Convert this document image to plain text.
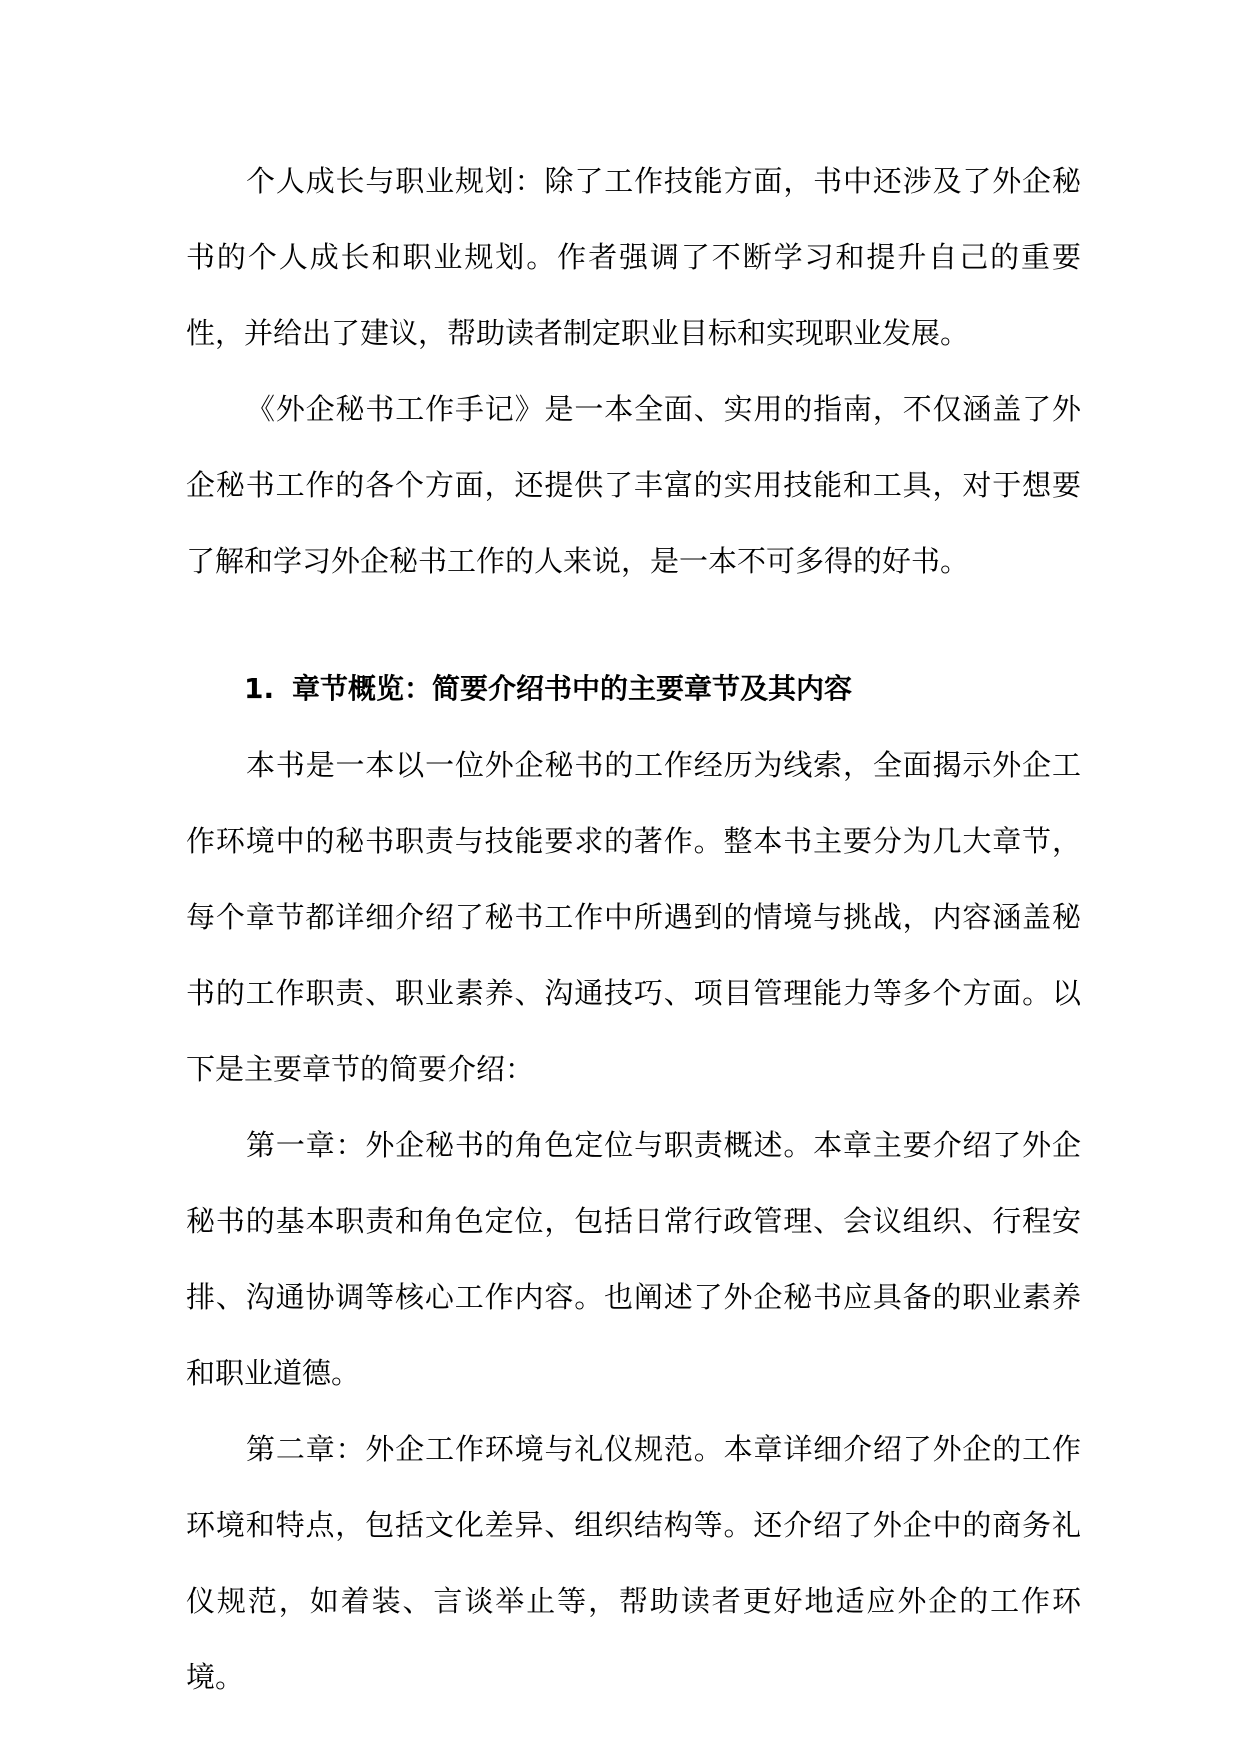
个人成长与职业规划：除了工作技能方面，书中还涉及了外企秘书的个人成长和职业规划。作者强调了不断学习和提升自己的重要性，并给出了建议，帮助读者制定职业目标和实现职业发展。

《外企秘书工作手记》是一本全面、实用的指南，不仅涵盖了外企秘书工作的各个方面，还提供了丰富的实用技能和工具，对于想要了解和学习外企秘书工作的人来说，是一本不可多得的好书。

1. 章节概览：简要介绍书中的主要章节及其内容

本书是一本以一位外企秘书的工作经历为线索，全面揭示外企工作环境中的秘书职责与技能要求的著作。整本书主要分为几大章节，每个章节都详细介绍了秘书工作中所遇到的情境与挑战，内容涵盖秘书的工作职责、职业素养、沟通技巧、项目管理能力等多个方面。以下是主要章节的简要介绍：

第一章：外企秘书的角色定位与职责概述。本章主要介绍了外企秘书的基本职责和角色定位，包括日常行政管理、会议组织、行程安排、沟通协调等核心工作内容。也阐述了外企秘书应具备的职业素养和职业道德。

第二章：外企工作环境与礼仪规范。本章详细介绍了外企的工作环境和特点，包括文化差异、组织结构等。还介绍了外企中的商务礼仪规范，如着装、言谈举止等，帮助读者更好地适应外企的工作环境。
